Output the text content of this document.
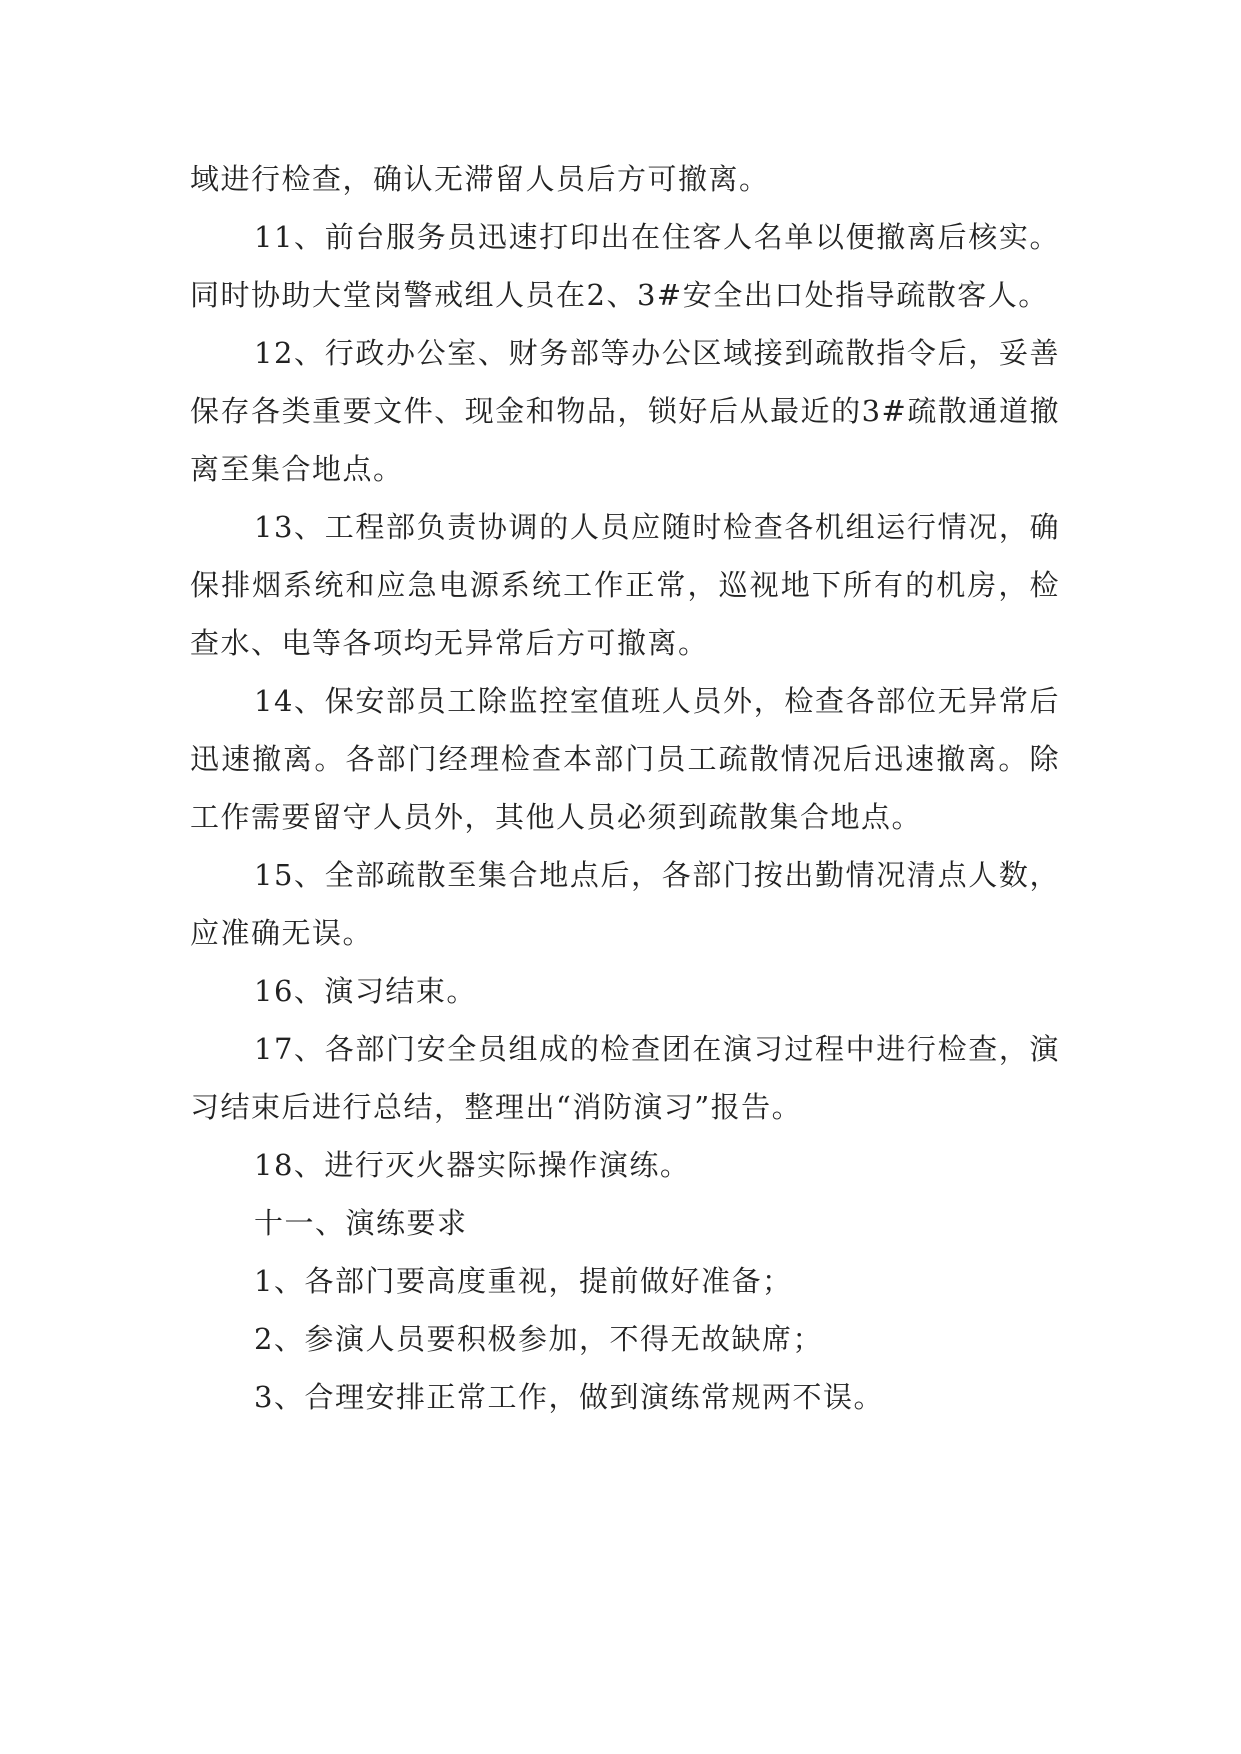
域进行检查，确认无滞留人员后方可撤离。

11、前台服务员迅速打印出在住客人名单以便撤离后核实。同时协助大堂岗警戒组人员在2、3#安全出口处指导疏散客人。

12、行政办公室、财务部等办公区域接到疏散指令后，妥善保存各类重要文件、现金和物品，锁好后从最近的3#疏散通道撤离至集合地点。

13、工程部负责协调的人员应随时检查各机组运行情况，确保排烟系统和应急电源系统工作正常，巡视地下所有的机房，检查水、电等各项均无异常后方可撤离。

14、保安部员工除监控室值班人员外，检查各部位无异常后迅速撤离。各部门经理检查本部门员工疏散情况后迅速撤离。除工作需要留守人员外，其他人员必须到疏散集合地点。

15、全部疏散至集合地点后，各部门按出勤情况清点人数，应准确无误。

16、演习结束。

17、各部门安全员组成的检查团在演习过程中进行检查，演习结束后进行总结，整理出“消防演习”报告。

18、进行灭火器实际操作演练。

十一、演练要求

1、各部门要高度重视，提前做好准备；

2、参演人员要积极参加，不得无故缺席；

3、合理安排正常工作，做到演练常规两不误。
